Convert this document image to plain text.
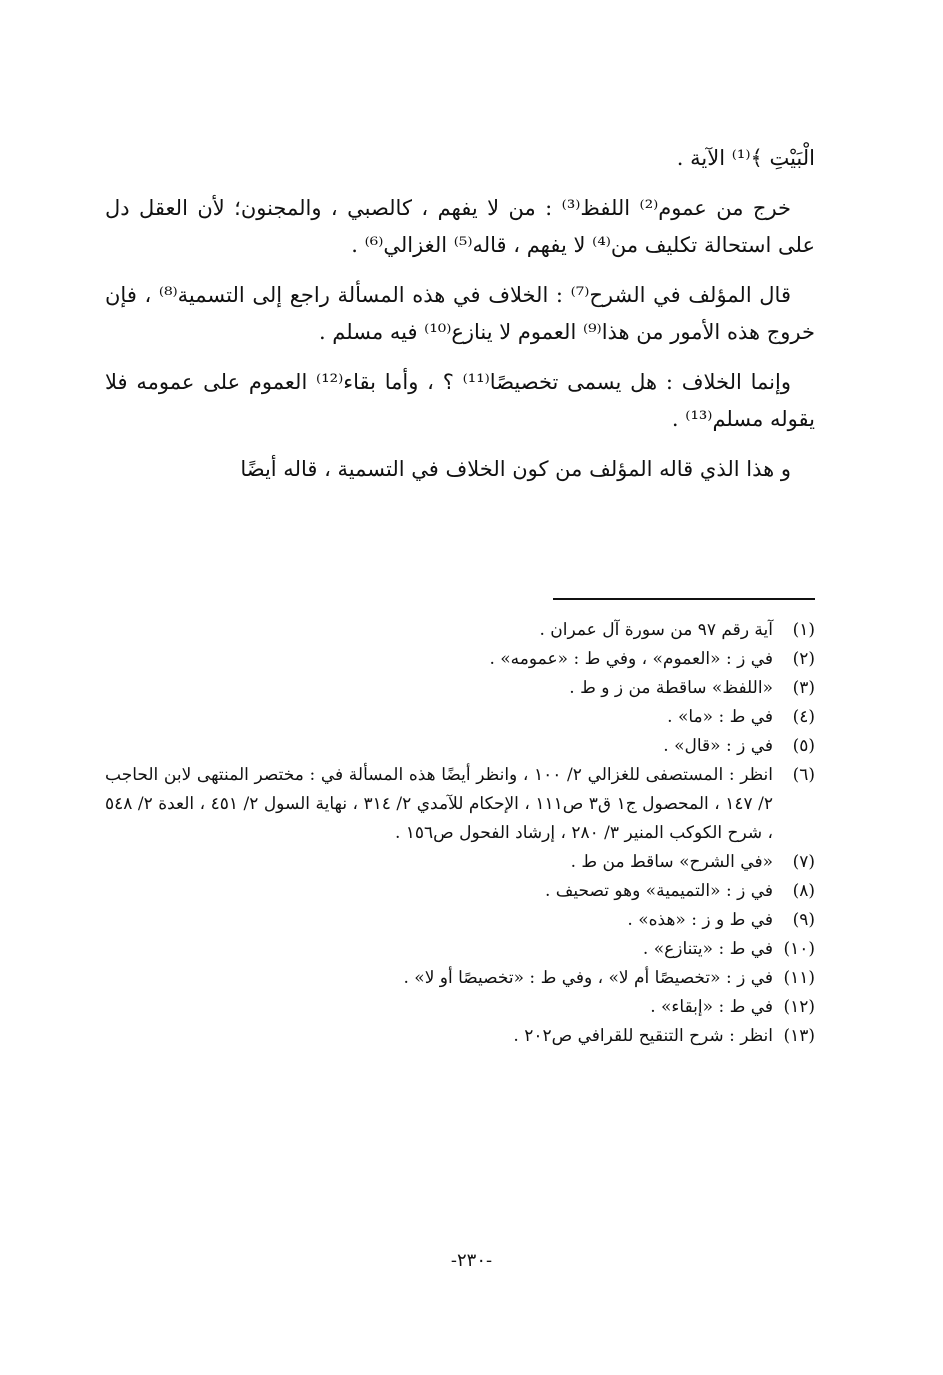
الْبَيْتِ ﴾⁽¹⁾ الآية .

خرج من عموم⁽²⁾ اللفظ⁽³⁾ : من لا يفهم ، كالصبي ، والمجنون؛ لأن العقل دل على استحالة تكليف من⁽⁴⁾ لا يفهم ، قاله⁽⁵⁾ الغزالي⁽⁶⁾ .

قال المؤلف في الشرح⁽⁷⁾ : الخلاف في هذه المسألة راجع إلى التسمية⁽⁸⁾ ، فإن خروج هذه الأمور من هذا⁽⁹⁾ العموم لا ينازع⁽¹⁰⁾ فيه مسلم .

وإنما الخلاف : هل يسمى تخصيصًا⁽¹¹⁾ ؟ ، وأما بقاء⁽¹²⁾ العموم على عمومه فلا يقوله مسلم⁽¹³⁾ .

و هذا الذي قاله المؤلف من كون الخلاف في التسمية ، قاله أيضًا

(١)
آية رقم ٩٧ من سورة آل عمران .
(٢)
في ز : «العموم» ، وفي ط : «عمومه» .
(٣)
«اللفظ» ساقطة من ز و ط .
(٤)
في ط : «ما» .
(٥)
في ز : «قال» .
(٦)
انظر : المستصفى للغزالي ٢/ ١٠٠ ، وانظر أيضًا هذه المسألة في : مختصر المنتهى لابن الحاجب ٢/ ١٤٧ ، المحصول ج١ ق٣ ص١١١ ، الإحكام للآمدي ٢/ ٣١٤ ، نهاية السول ٢/ ٤٥١ ، العدة ٢/ ٥٤٨ ، شرح الكوكب المنير ٣/ ٢٨٠ ، إرشاد الفحول ص١٥٦ .
(٧)
«في الشرح» ساقط من ط .
(٨)
في ز : «التميمية» وهو تصحيف .
(٩)
في ط و ز : «هذه» .
(١٠)
في ط : «يتنازع» .
(١١)
في ز : «تخصيصًا أم لا» ، وفي ط : «تخصيصًا أو لا» .
(١٢)
في ط : «إبقاء» .
(١٣)
انظر : شرح التنقيح للقرافي ص٢٠٢ .
-٢٣٠-
